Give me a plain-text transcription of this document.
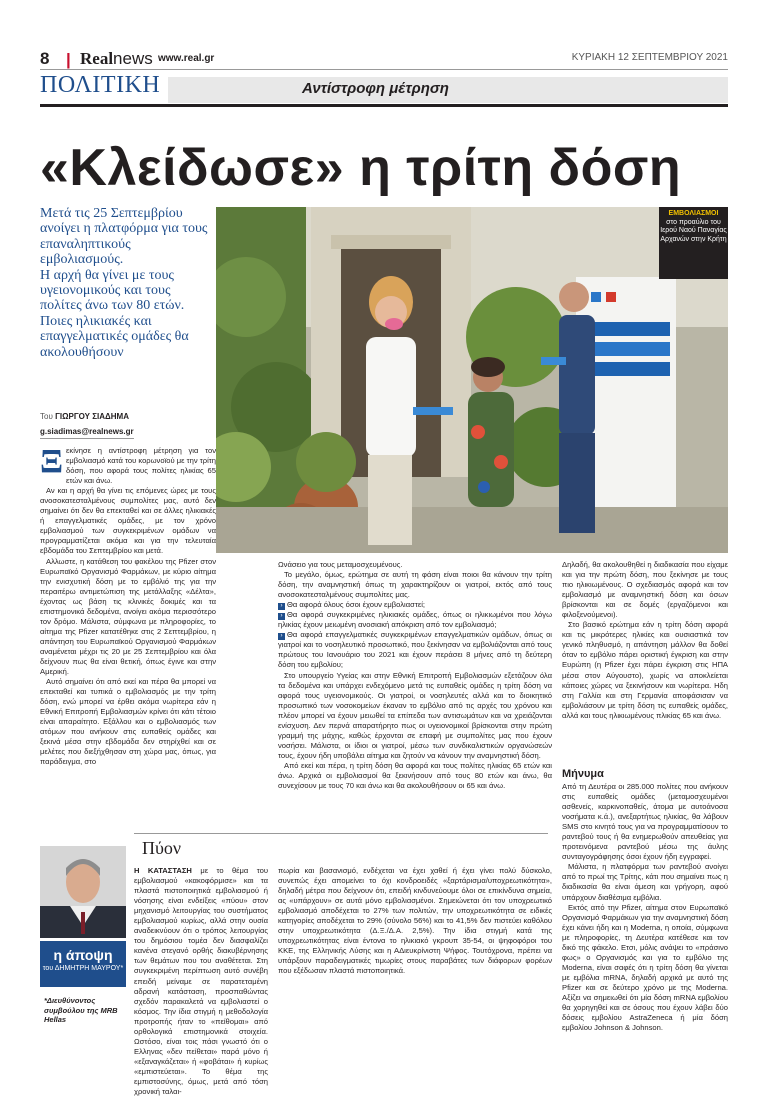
8 | Realnews www.real.gr	ΚΥΡΙΑΚΗ 12 ΣΕΠΤΕΜΒΡΙΟΥ 2021
ΠΟΛΙΤΙΚΗ	Αντίστροφη μέτρηση
«Κλείδωσε» η τρίτη δόση

Μετά τις 25 Σεπτεμβρίου ανοίγει η πλατφόρμα για τους επαναληπτικούς εμβολιασμούς.

Η αρχή θα γίνει με τους υγειονομικούς και τους πολίτες άνω των 80 ετών.

Ποιες ηλικιακές και επαγγελματικές ομάδες θα ακολουθήσουν

Του ΓΙΩΡΓΟΥ ΣΙΑΔΗΜΑ
g.siadimas@realnews.gr
ΕΜΒΟΛΙΑΣΜΟΙ
στο προαύλιο του Ιερού Ναού Παναγίας Αρχανών στην Κρήτη

Ξεκίνησε η αντίστροφη μέτρηση για τον εμβολιασμό κατά του κορωνοϊού με την τρίτη δόση, που αφορά τους πολίτες ηλικίας 65 ετών και άνω.

Αν και η αρχή θα γίνει τις επόμενες ώρες με τους ανοσοκατεσταλμένους συμπολίτες μας, αυτό δεν σημαίνει ότι δεν θα επεκταθεί και σε άλλες ηλικιακές ή επαγγελματικές ομάδες, με τον χρόνο εμβολιασμού των συγκεκριμένων ομάδων να προγραμματίζεται ακόμα και για την τελευταία εβδομάδα του Σεπτεμβρίου και μετά.

Αλλωστε, η κατάθεση του φακέλου της Pfizer στον Ευρωπαϊκό Οργανισμό Φαρμάκων, με κύριο αίτημα την ενισχυτική δόση με το εμβόλιό της για την περαιτέρω αντιμετώπιση της μετάλλαξης «Δέλτα», έχοντας ως βάση τις κλινικές δοκιμές και τα επιστημονικά δεδομένα, ανοίγει ακόμα περισσότερο τον δρόμο. Μάλιστα, σύμφωνα με πληροφορίες, το αίτημα της Pfizer κατατέθηκε στις 2 Σεπτεμβρίου, η απάντηση του Ευρωπαϊκού Οργανισμού Φαρμάκων αναμένεται μέχρι τις 20 με 25 Σεπτεμβρίου και όλα δείχνουν πως θα είναι θετική, όπως έγινε και στην Αμερική.

Αυτό σημαίνει ότι από εκεί και πέρα θα μπορεί να επεκταθεί και τυπικά ο εμβολιασμός με την τρίτη δόση, ενώ μπορεί να έρθει ακόμα νωρίτερα εάν η Εθνική Επιτροπή Εμβολιασμών κρίνει ότι κάτι τέτοιο είναι απαραίτητο. Εξάλλου και ο εμβολιασμός των ατόμων που ανήκουν στις ευπαθείς ομάδες και ξεκινά μέσα στην εβδομάδα δεν στηρίχθεί και σε μελέτες που διεξήχθησαν στη χώρα μας, όπως, για παράδειγμα, στο

Ωνάσειο για τους μεταμοσχευμένους.

Το μεγάλο, όμως, ερώτημα σε αυτή τη φάση είναι ποιοι θα κάνουν την τρίτη δόση, την αναμνηστική όπως τη χαρακτηρίζουν οι γιατροί, εκτός από τους ανοσοκατεσταλμένους συμπολίτες μας.

› Θα αφορά όλους όσοι έχουν εμβολιαστεί;

› Θα αφορά συγκεκριμένες ηλικιακές ομάδες, όπως οι ηλικιωμένοι που λόγω ηλικίας έχουν μειωμένη ανοσιακή απόκριση από τον εμβολιασμό;

› Θα αφορά επαγγελματικές συγκεκριμένων επαγγελματικών ομάδων, όπως οι γιατροί και το νοσηλευτικό προσωπικό, που ξεκίνησαν να εμβολιάζονται από τους πρώτους του Ιανουάριο του 2021 και έχουν περάσει 8 μήνες από τη δεύτερη δόση του εμβολίου;

Στο υπουργείο Υγείας και στην Εθνική Επιτροπή Εμβολιασμών εξετάζουν όλα τα δεδομένα και υπάρχει ενδεχόμενο μετά τις ευπαθείς ομάδες η τρίτη δόση να αφορά τους υγειονομικούς. Οι γιατροί, οι νοσηλευτές αλλά και το διοικητικό προσωπικό των νοσοκομείων έκαναν το εμβόλιο από τις αρχές του χρόνου και πλέον μπορεί να έχουν μειωθεί τα επίπεδα των αντισωμάτων και να χρειάζονται ενίσχυση. Δεν περνά απαρατήρητο πως οι υγειονομικοί βρίσκονται στην πρώτη γραμμή της μάχης, καθώς έρχονται σε επαφή με συμπολίτες μας που έχουν νοσήσει. Μάλιστα, οι ίδιοι οι γιατροί, μέσω των συνδικαλιστικών οργανώσεών τους, έχουν ήδη υποβάλει αίτημα και ζητούν να κάνουν την αναμνηστική δόση.

Από εκεί και πέρα, η τρίτη δόση θα αφορά και τους πολίτες ηλικίας 65 ετών και άνω. Αρχικά οι εμβολιασμοί θα ξεκινήσουν από τους 80 ετών και άνω, θα συνεχίσουν με τους 70 και άνω και θα ακολουθήσουν οι 65 και άνω.

Δηλαδή, θα ακολουθηθεί η διαδικασία που είχαμε και για την πρώτη δόση, που ξεκίνησε με τους πιο ηλικιωμένους. Ο σχεδιασμός αφορά και τον εμβολιασμό με αναμνηστική δόση και όσων βρίσκονται και σε δομές (εργαζόμενοι και φιλοξενούμενοι).

Στο βασικό ερώτημα εάν η τρίτη δόση αφορά και τις μικρότερες ηλικίες και ουσιαστικά τον γενικό πληθυσμό, η απάντηση μάλλον θα δοθεί όταν το εμβόλιο πάρει οριστική έγκριση και στην Ευρώπη (η Pfizer έχει πάρει έγκριση στις ΗΠΑ μέσα στον Αύγουστο), χωρίς να αποκλείεται κάποιες χώρες να ξεκινήσουν και νωρίτερα. Ηδη στη Γαλλία και στη Γερμανία αποφάσισαν να εμβολιάσουν με τρίτη δόση τις ευπαθείς ομάδες, αλλά και τους ηλικιωμένους πλικίας 65 και άνω.

Μήνυμα

Από τη Δευτέρα οι 285.000 πολίτες που ανήκουν στις ευπαθείς ομάδες (μεταμοσχευμένοι ασθενείς, καρκινοπαθείς, άτομα με αυτοάνοσα νοσήματα κ.ά.), ανεξαρτήτως ηλικίας, θα λάβουν SMS στο κινητό τους για να προγραμματίσουν το ραντεβού τους ή θα ενημερωθούν απευθείας για προτεινόμενα ραντεβού μέσω της άυλης συνταγογράφησης όσοι έχουν ήδη εγγραφεί.

Μάλιστα, η πλατφόρμα των ραντεβού ανοίγει από το πρωί της Τρίτης, κάτι που σημαίνει πως η διαδικασία θα είναι άμεση και γρήγορη, αφού υπάρχουν διαθέσιμα εμβόλια.

Εκτός από την Pfizer, αίτημα στον Ευρωπαϊκό Οργανισμό Φαρμάκων για την αναμνηστική δόση έχει κάνει ήδη και η Moderna, η οποία, σύμφωνα με πληροφορίες, τη Δευτέρα κατέθεσε και τον δικό της φάκελο. Ετσι, μόλις ανάψει το «πράσινο φως» ο Οργανισμός και για το εμβόλιο της Moderna, είναι σαφές ότι η τρίτη δόση θα γίνεται με εμβόλια mRNA, δηλαδή αρχικά με αυτό της Pfizer και σε δεύτερο χρόνο με της Moderna. Αξίζει να σημειωθεί ότι μία δόση mRNA εμβολίου θα χορηγηθεί και σε όσους που έχουν λάβει δύο δόσεις εμβολίου AstraZeneca ή μία δόση εμβολίου Johnson & Johnson.

η άποψη
του ΔΗΜΗΤΡΗ ΜΑΥΡΟΥ*
*Διευθύνοντος συμβούλου της MRB Hellas
Πύον

Η ΚΑΤΑΣΤΑΣΗ με το θέμα του εμβολιασμού «κακοφόρμισε» και τα πλαστά πιστοποιητικά εμβολιασμού ή νόσησης είναι ενδείξεις «πύου» στον μηχανισμό λειτουργίας του συστήματος εμβολιασμού κυρίως, αλλά στην ουσία αναδεικνύουν ότι ο τρόπος λειτουργίας του δημόσιου τομέα δεν διασφαλίζει κανένα στεγανό ορθής διακυβέρνησης των θεμάτων που του αναθέτεται. Στη συγκεκριμένη περίπτωση αυτό συνέβη επειδή μείναμε σε παρατεταμένη αδρανή κατάσταση, προσπαθώντας σχεδόν παρακαλετά να εμβολιαστεί ο κόσμος. Την ίδια στιγμή η μεθοδολογία προτροπής ήταν το «πείθομαι» από ορθολογικά επιστημονικά στοιχεία. Ωστόσο, είναι τοις πάσι γνωστό ότι ο Ελληνας «δεν πείθεται» παρά μόνο ή «εξαναγκάζεται» ή «φοβάται» ή κυρίως «εμπιστεύεται». Το θέμα της εμπιστοσύνης, όμως, μετά από τόση χρονική ταλαι-

πωρία και βασανισμό, ενδέχεται να έχει χαθεί ή έχει γίνει πολύ δύσκολο, συνεπώς έχει απομείνει το όχι κονδροειδές «ξαρτάρισμα/υποχρεωτικότητα», δηλαδή μέτρα που δείχνουν ότι, επειδή κινδυνεύουμε όλοι σε επικίνδυνα σημεία, ας «υπάρχουν» σε αυτά μόνο εμβολιασμένοι. Σημειώνεται ότι τον υποχρεωτικό εμβολιασμό αποδέχεται το 27% των πολιτών, την υποχρεωτικότητα σε ειδικές κατηγορίες αποδέχεται το 29% (σύνολο 56%) και το 41,5% δεν πιστεύει καθόλου στην υποχρεωτικότητα (Δ.Ξ./Δ.Α. 2,5%). Την ίδια στιγμή κατά της υποχρεωτικότητας είναι έντονα το ηλικιακό γκρουπ 35-54, οι ψηφοφόροι του ΚΚΕ, της Ελληνικής Λύσης και η ΑΔιευκρίνιστη Ψήφος. Τουτόχρονα, πρέπει να υπάρξουν παραδειγματικές τιμωρίες στους παραβάτες των διάφορων φορέων που εξέδωσαν πλαστά πιστοποιητικά.
